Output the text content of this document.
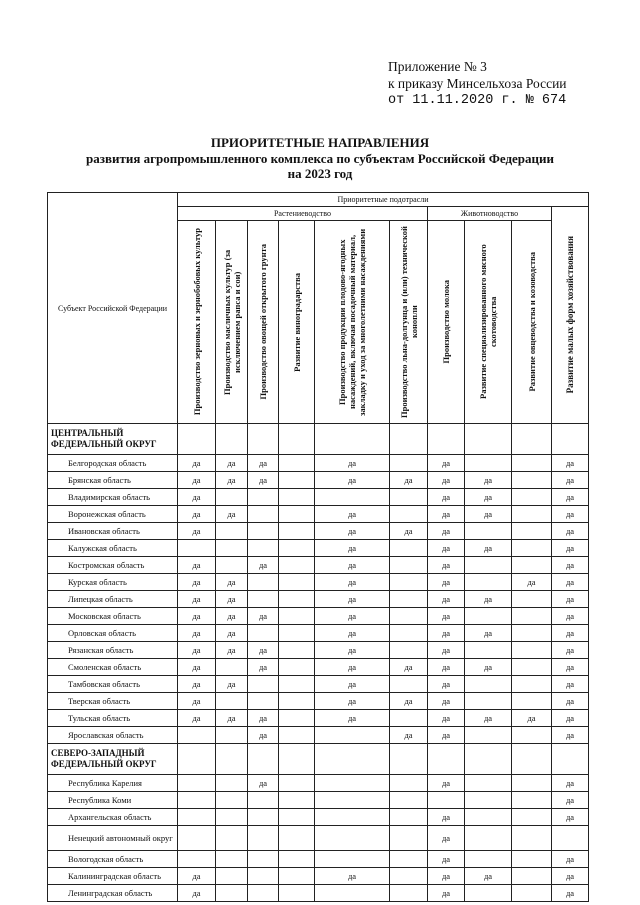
Приложение № 3
к приказу Минсельхоза России
от 11.11.2020 г. № 674
ПРИОРИТЕТНЫЕ НАПРАВЛЕНИЯ
развития агропромышленного комплекса по субъектам Российской Федерации
на 2023 год
Субъект Российской Федерации	Приоритетные подотрасли									
	Растениеводство						Животноводство			Развитие малых форм хозяйствования

	Производство зерновых и зернобобовых культур	Производство масличных культур (за исключением рапса и сои)	Производство овощей открытого грунта	Развитие виноградарства	Производство продукции плодово-ягодных насаждений, включая посадочный материал, закладку и уход за многолетними насаждениями	Производство льна-долгунца и (или) технической конопли	Производство молока	Развитие специализированного мясного скотоводства	Развитие овцеводства и козоводства	

ЦЕНТРАЛЬНЫЙ ФЕДЕРАЛЬНЫЙ ОКРУГ										
Белгородская область	да	да	да		да		да			да
Брянская область	да	да	да		да	да	да	да		да
Владимирская область	да						да	да		да
Воронежская область	да	да			да		да	да		да
Ивановская область	да				да	да	да			да
Калужская область					да		да	да		да
Костромская область	да		да		да		да			да
Курская область	да	да			да		да		да	да
Липецкая область	да	да			да		да	да		да
Московская область	да	да	да		да		да			да
Орловская область	да	да			да		да	да		да
Рязанская область	да	да	да		да		да			да
Смоленская область	да		да		да	да	да	да		да
Тамбовская область	да	да			да		да			да
Тверская область	да				да	да	да			да
Тульская область	да	да	да		да		да	да	да	да
Ярославская область			да			да	да			да
СЕВЕРО-ЗАПАДНЫЙ ФЕДЕРАЛЬНЫЙ ОКРУГ										
Республика Карелия			да				да			да
Республика Коми										да
Архангельская область							да			да
Ненецкий автономный округ							да			
Вологодская область							да			да
Калининградская область	да				да		да	да		да
Ленинградская область	да						да			да
